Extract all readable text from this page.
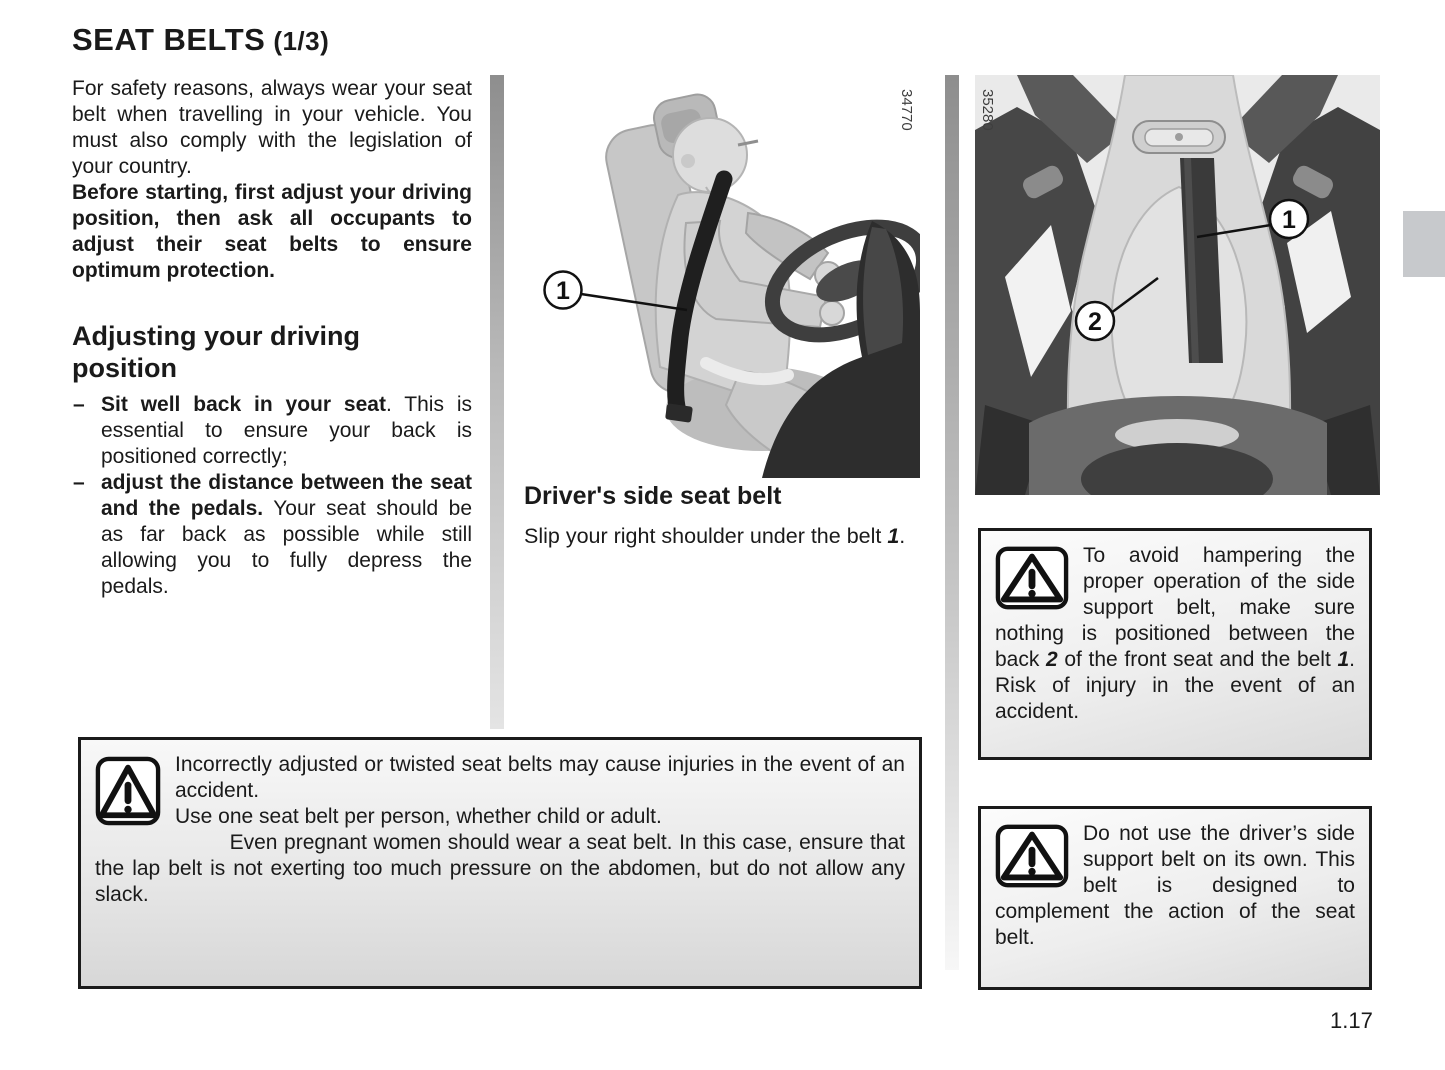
SEAT BELTS (1/3)

For safety reasons, always wear your seat belt when travelling in your vehicle. You must also comply with the legislation of your country.

Before starting, first adjust your driving position, then ask all occupants to adjust their seat belts to ensure optimum protection.

Adjusting your driving position
– Sit well back in your seat. This is essential to ensure your back is positioned correctly;
– adjust the distance between the seat and the pedals. Your seat should be as far back as possible while still allowing you to fully depress the pedals.
1
34770
Driver's side seat belt

Slip your right shoulder under the belt 1.

1
2
35280

To avoid hampering the proper operation of the side support belt, make sure nothing is positioned between the back 2 of the front seat and the belt 1. Risk of injury in the event of an accident.

Do not use the driver’s side support belt on its own. This belt is designed to complement the action of the seat belt.

Incorrectly adjusted or twisted seat belts may cause injuries in the event of an accident.

Use one seat belt per person, whether child or adult.

Even pregnant women should wear a seat belt. In this case, ensure that the lap belt is not exerting too much pressure on the abdomen, but do not allow any slack.

1.17
